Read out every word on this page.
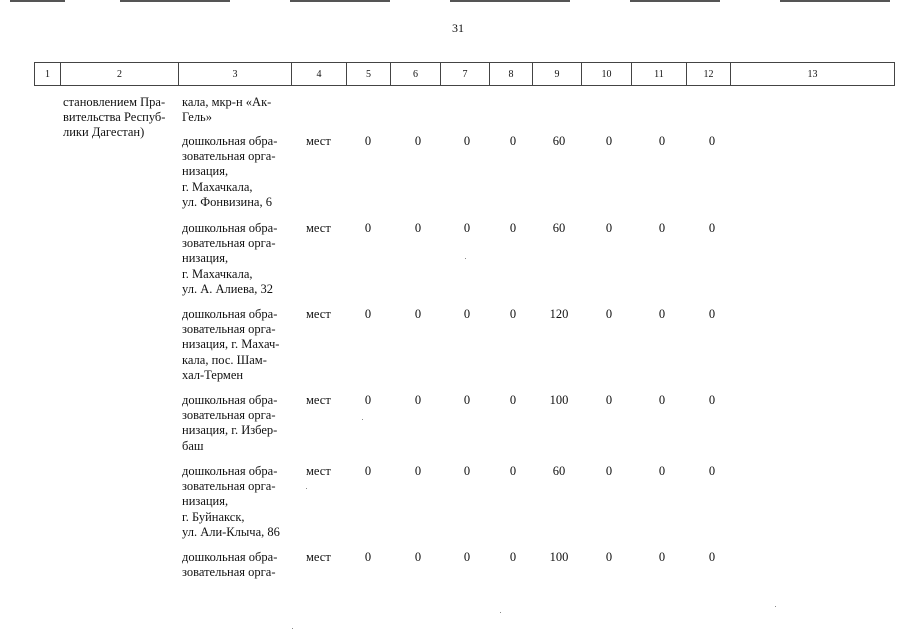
31
1	2	3	4	5	6	7	8	9	10	11	12	13
становлением Пра-
вительства Респуб-
лики Дагестан)
кала, мкр-н «Ак-
Гель»
дошкольная обра-
зовательная орга-
низация,
г. Махачкала,
ул. Фонвизина, 6
мест	0	0	0	0	60	0	0	0
дошкольная обра-
зовательная орга-
низация,
г. Махачкала,
ул. А. Алиева, 32
мест	0	0	0	0	60	0	0	0
дошкольная обра-
зовательная орга-
низация, г. Махач-
кала, пос. Шам-
хал-Термен
мест	0	0	0	0	120	0	0	0
дошкольная обра-
зовательная орга-
низация, г. Избер-
баш
мест	0	0	0	0	100	0	0	0
дошкольная обра-
зовательная орга-
низация,
г. Буйнакск,
ул. Али-Клыча, 86
мест	0	0	0	0	60	0	0	0
дошкольная обра-
зовательная орга-
мест	0	0	0	0	100	0	0	0
